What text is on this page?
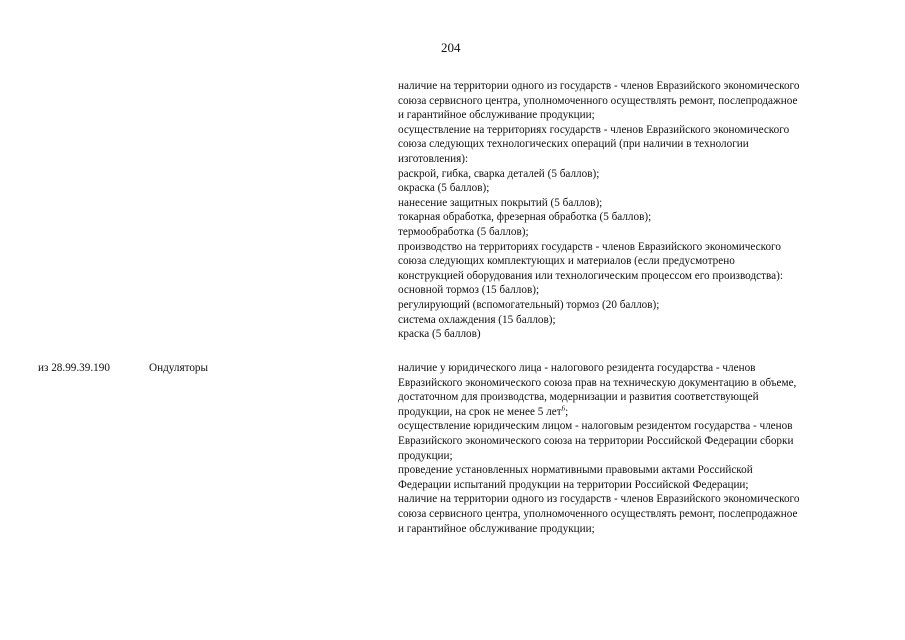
204
наличие на территории одного из государств - членов Евразийского экономического
союза сервисного центра, уполномоченного осуществлять ремонт, послепродажное
и гарантийное обслуживание продукции;
осуществление на территориях государств - членов Евразийского экономического
союза следующих технологических операций (при наличии в технологии
изготовления):
раскрой, гибка, сварка деталей (5 баллов);
окраска (5 баллов);
нанесение защитных покрытий (5 баллов);
токарная обработка, фрезерная обработка (5 баллов);
термообработка (5 баллов);
производство на территориях государств - членов Евразийского экономического
союза следующих комплектующих и материалов (если предусмотрено
конструкцией оборудования или технологическим процессом его производства):
основной тормоз (15 баллов);
регулирующий (вспомогательный) тормоз (20 баллов);
система охлаждения (15 баллов);
краска (5 баллов)
из 28.99.39.190	Ондуляторы	наличие у юридического лица - налогового резидента государства - членов
Евразийского экономического союза прав на техническую документацию в объеме,
достаточном для производства, модернизации и развития соответствующей
продукции, на срок не менее 5 лет$^6$;
осуществление юридическим лицом - налоговым резидентом государства - членов
Евразийского экономического союза на территории Российской Федерации сборки
продукции;
проведение установленных нормативными правовыми актами Российской
Федерации испытаний продукции на территории Российской Федерации;
наличие на территории одного из государств - членов Евразийского экономического
союза сервисного центра, уполномоченного осуществлять ремонт, послепродажное
и гарантийное обслуживание продукции;
